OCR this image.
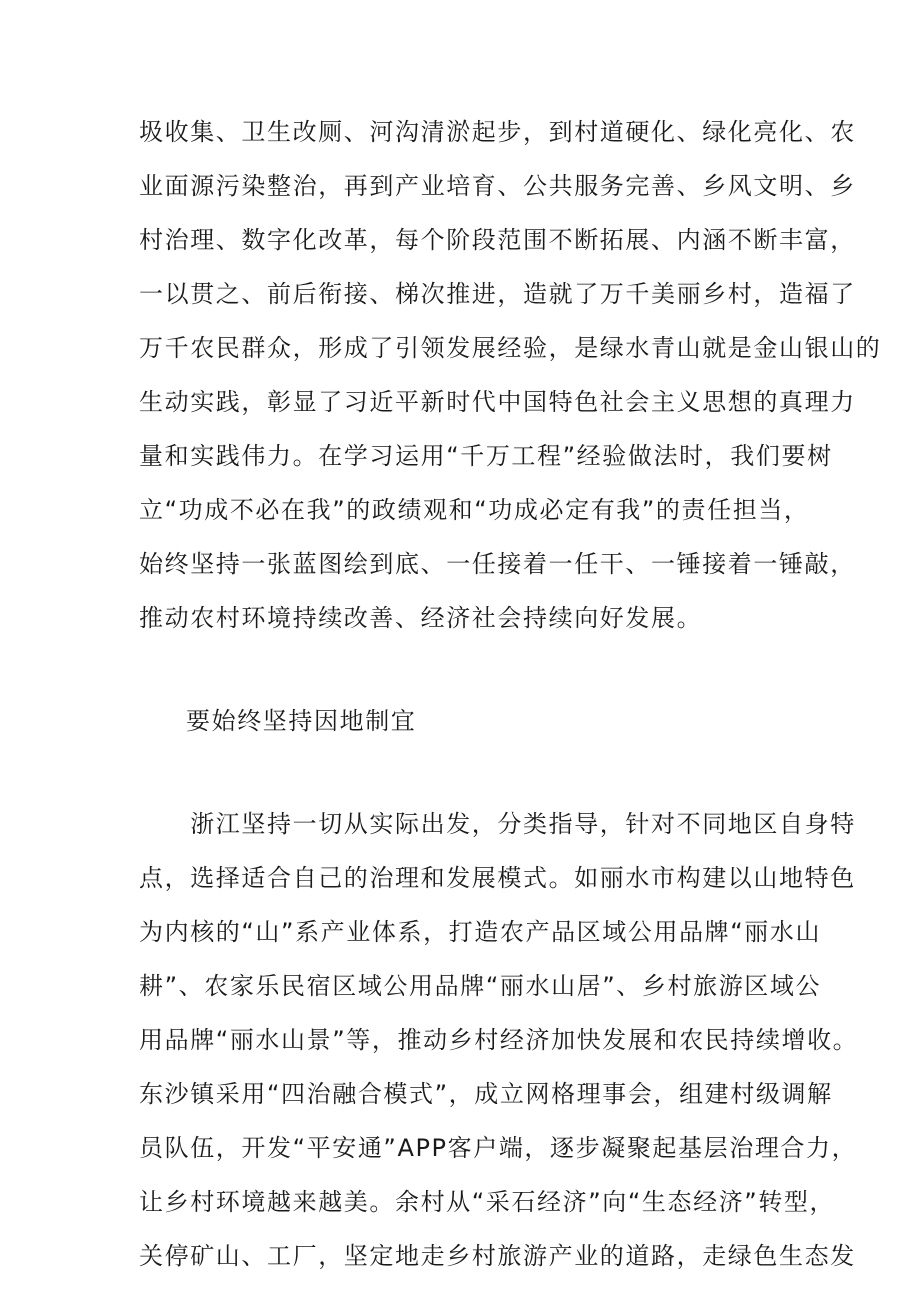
圾收集、卫生改厕、河沟清淤起步，到村道硬化、绿化亮化、农
业面源污染整治，再到产业培育、公共服务完善、乡风文明、乡
村治理、数字化改革，每个阶段范围不断拓展、内涵不断丰富，
一以贯之、前后衔接、梯次推进，造就了万千美丽乡村，造福了
万千农民群众，形成了引领发展经验，是绿水青山就是金山银山的
生动实践，彰显了习近平新时代中国特色社会主义思想的真理力
量和实践伟力。在学习运用“千万工程”经验做法时，我们要树
立“功成不必在我”的政绩观和“功成必定有我”的责任担当，
始终坚持一张蓝图绘到底、一任接着一任干、一锤接着一锤敲，
推动农村环境持续改善、经济社会持续向好发展。
要始终坚持因地制宜
　　浙江坚持一切从实际出发，分类指导，针对不同地区自身特
点，选择适合自己的治理和发展模式。如丽水市构建以山地特色
为内核的“山”系产业体系，打造农产品区域公用品牌“丽水山
耕”、农家乐民宿区域公用品牌“丽水山居”、乡村旅游区域公
用品牌“丽水山景”等，推动乡村经济加快发展和农民持续增收。
东沙镇采用“四治融合模式”，成立网格理事会，组建村级调解
员队伍，开发“平安通”APP客户端，逐步凝聚起基层治理合力，
让乡村环境越来越美。余村从“采石经济”向“生态经济”转型，
关停矿山、工厂，坚定地走乡村旅游产业的道路，走绿色生态发
